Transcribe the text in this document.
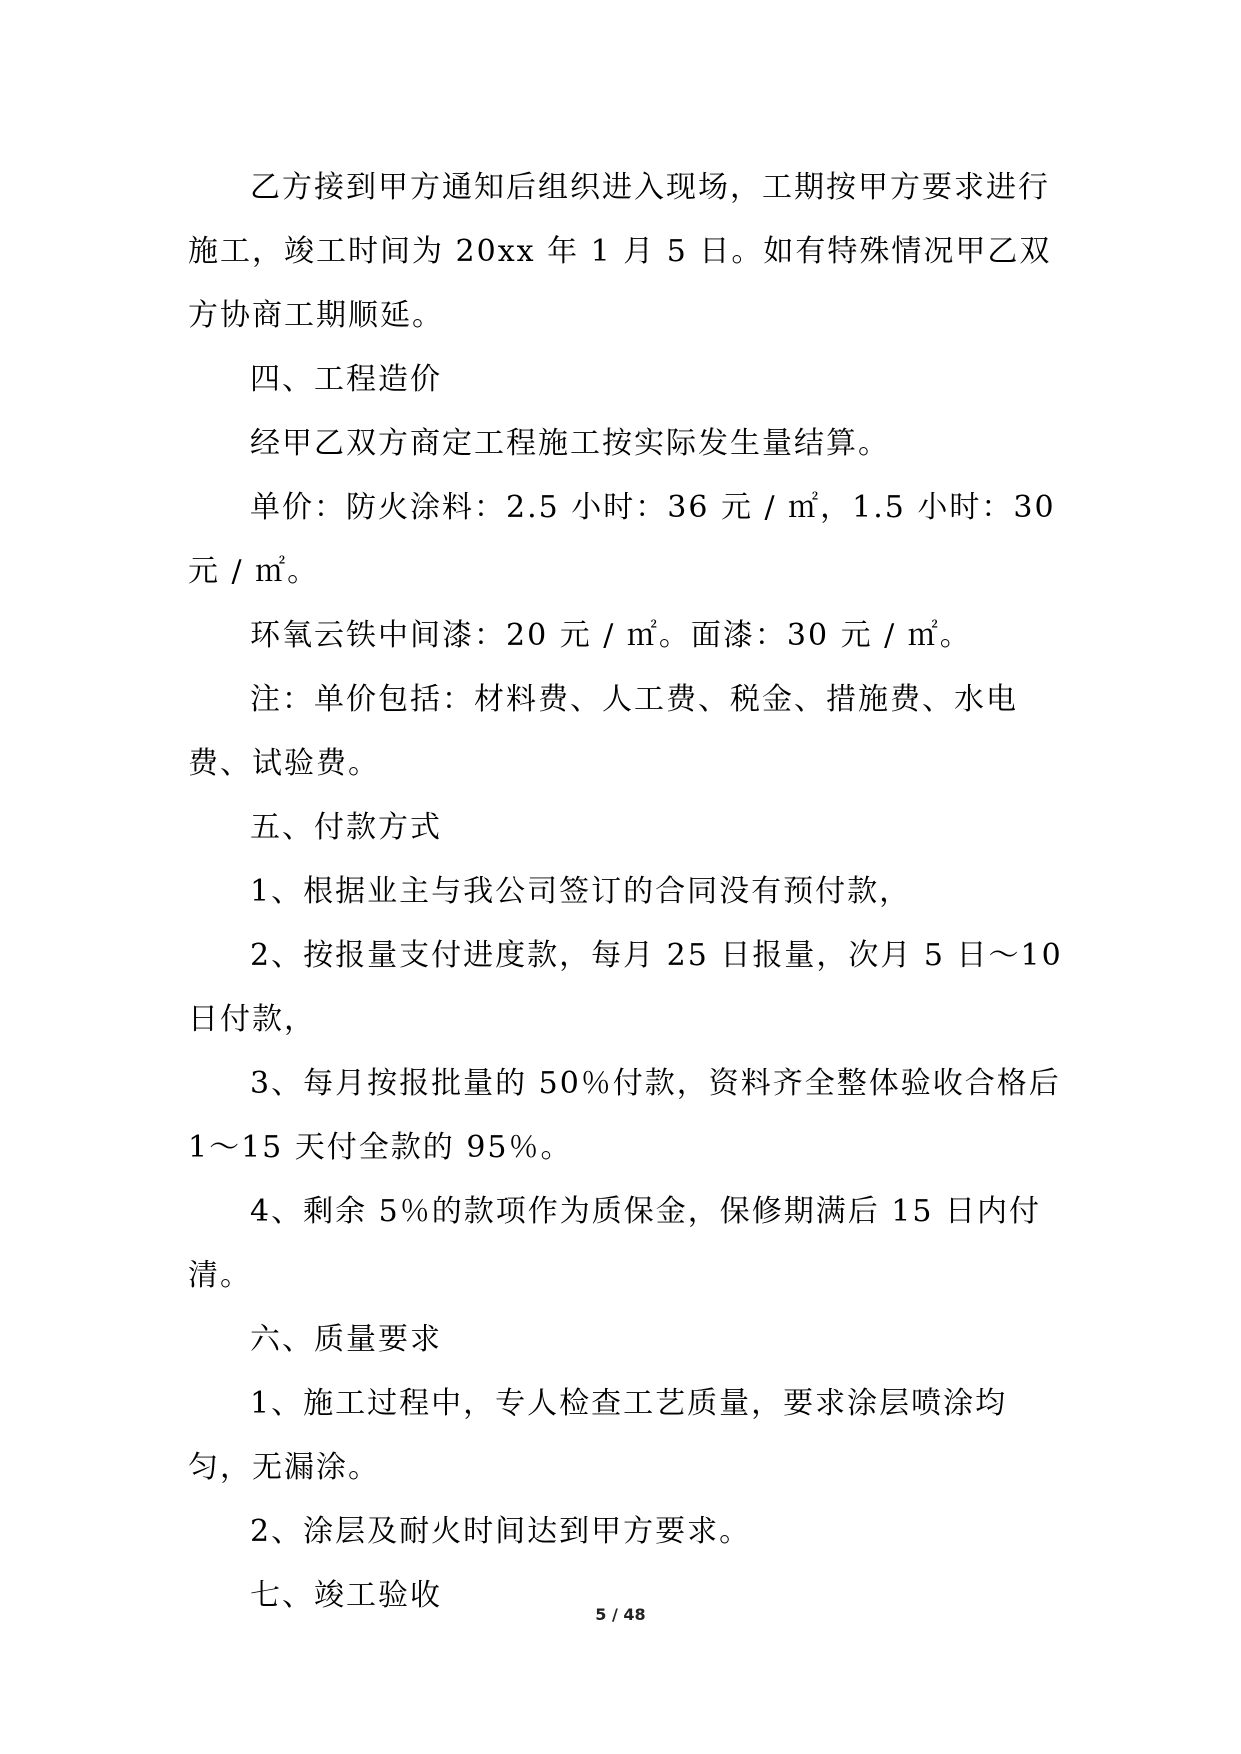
乙方接到甲方通知后组织进入现场，工期按甲方要求进行施工，竣工时间为 20xx 年 1 月 5 日。如有特殊情况甲乙双方协商工期顺延。

四、工程造价

经甲乙双方商定工程施工按实际发生量结算。

单价：防火涂料：2.5 小时：36 元 / ㎡，1.5 小时：30 元 / ㎡。

环氧云铁中间漆：20 元 / ㎡。面漆：30 元 / ㎡。

注：单价包括：材料费、人工费、税金、措施费、水电费、试验费。

五、付款方式

1、根据业主与我公司签订的合同没有预付款，

2、按报量支付进度款，每月 25 日报量，次月 5 日～10 日付款，

3、每月按报批量的 50％付款，资料齐全整体验收合格后 1～15 天付全款的 95％。

4、剩余 5％的款项作为质保金，保修期满后 15 日内付清。

六、质量要求

1、施工过程中，专人检查工艺质量，要求涂层喷涂均匀，无漏涂。

2、涂层及耐火时间达到甲方要求。

七、竣工验收

5 / 48
